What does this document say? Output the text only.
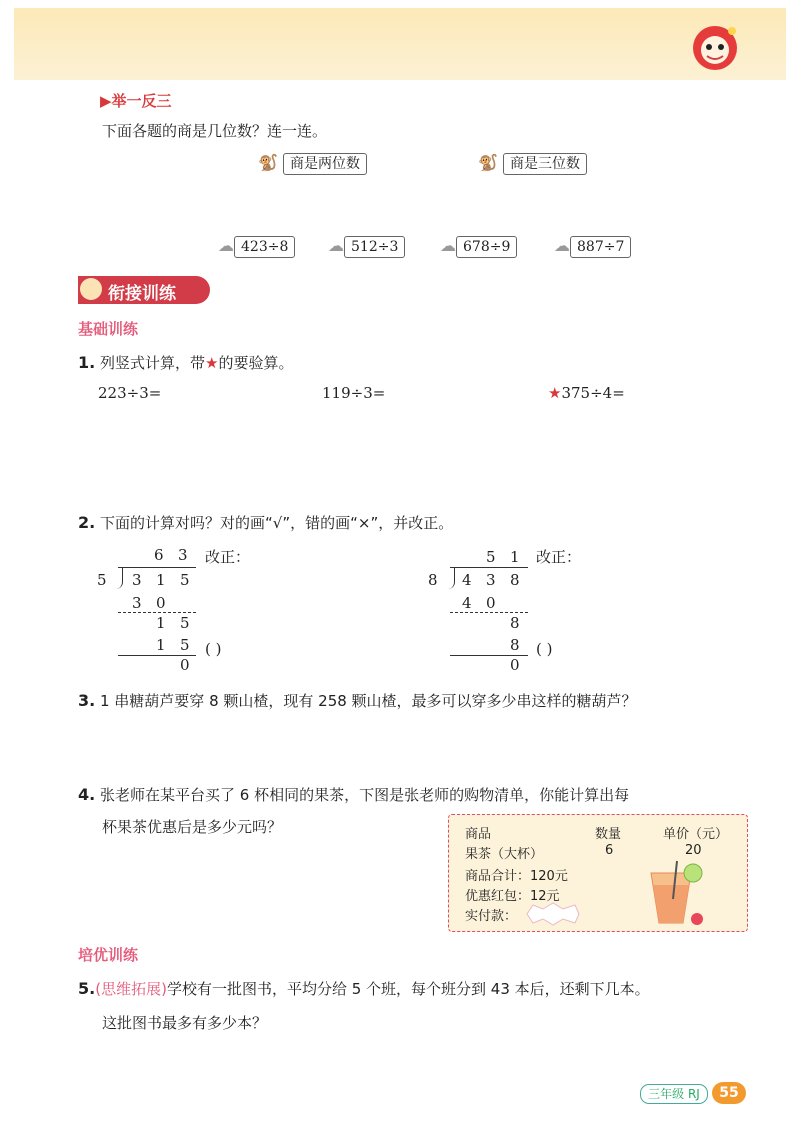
▶举一反三
下面各题的商是几位数？连一连。
🐒 商是两位数	🐒 商是三位数
☁ 423÷8	☁ 512÷3	☁ 678÷9	☁ 887÷7
衔接训练
基础训练
1. 列竖式计算，带★的要验算。
223÷3=	119÷3=	★375÷4=
2. 下面的计算对吗？对的画“√”，错的画“×”，并改正。
6 3
5 3 1 5
3 0
1 5
1 5
0
( )
改正：	5 1
8 4 3 8
4 0
8
8
0
( )
改正：
3. 1 串糖葫芦要穿 8 颗山楂，现有 258 颗山楂，最多可以穿多少串这样的糖葫芦？
4. 张老师在某平台买了 6 杯相同的果茶，下图是张老师的购物清单，你能计算出每
杯果茶优惠后是多少元吗？	商品	数量	单价（元）
果茶（大杯）	6	20
商品合计：120元
优惠红包：12元
实付款：
培优训练
5.(思维拓展)学校有一批图书，平均分给 5 个班，每个班分到 43 本后，还剩下几本。
这批图书最多有多少本？
三年级 RJ	55
